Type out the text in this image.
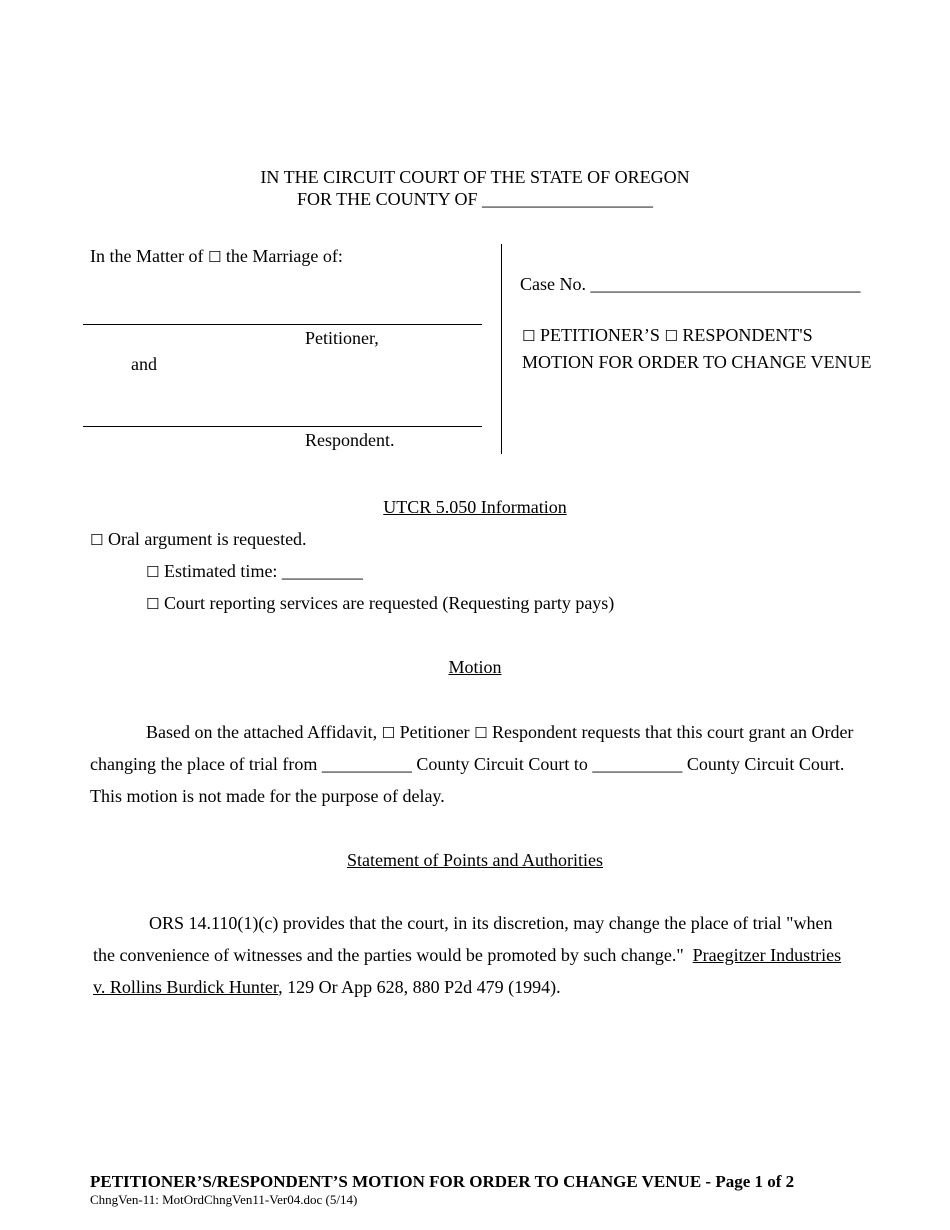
IN THE CIRCUIT COURT OF THE STATE OF OREGON
FOR THE COUNTY OF ___________________
In the Matter of ☐ the Marriage of:
Petitioner,
and
Respondent.
Case No. ______________________________
☐ PETITIONER’S ☐ RESPONDENT'S
MOTION FOR ORDER TO CHANGE VENUE
UTCR 5.050 Information
☐ Oral argument is requested.
☐ Estimated time: _________
☐ Court reporting services are requested (Requesting party pays)
Motion
Based on the attached Affidavit, ☐ Petitioner ☐ Respondent requests that this court grant an Order
changing the place of trial from __________ County Circuit Court to __________ County Circuit Court.
This motion is not made for the purpose of delay.
Statement of Points and Authorities
ORS 14.110(1)(c) provides that the court, in its discretion, may change the place of trial "when
the convenience of witnesses and the parties would be promoted by such change." Praegitzer Industries
v. Rollins Burdick Hunter, 129 Or App 628, 880 P2d 479 (1994).
PETITIONER’S/RESPONDENT’S MOTION FOR ORDER TO CHANGE VENUE - Page 1 of 2
ChngVen-11: MotOrdChngVen11-Ver04.doc (5/14)
